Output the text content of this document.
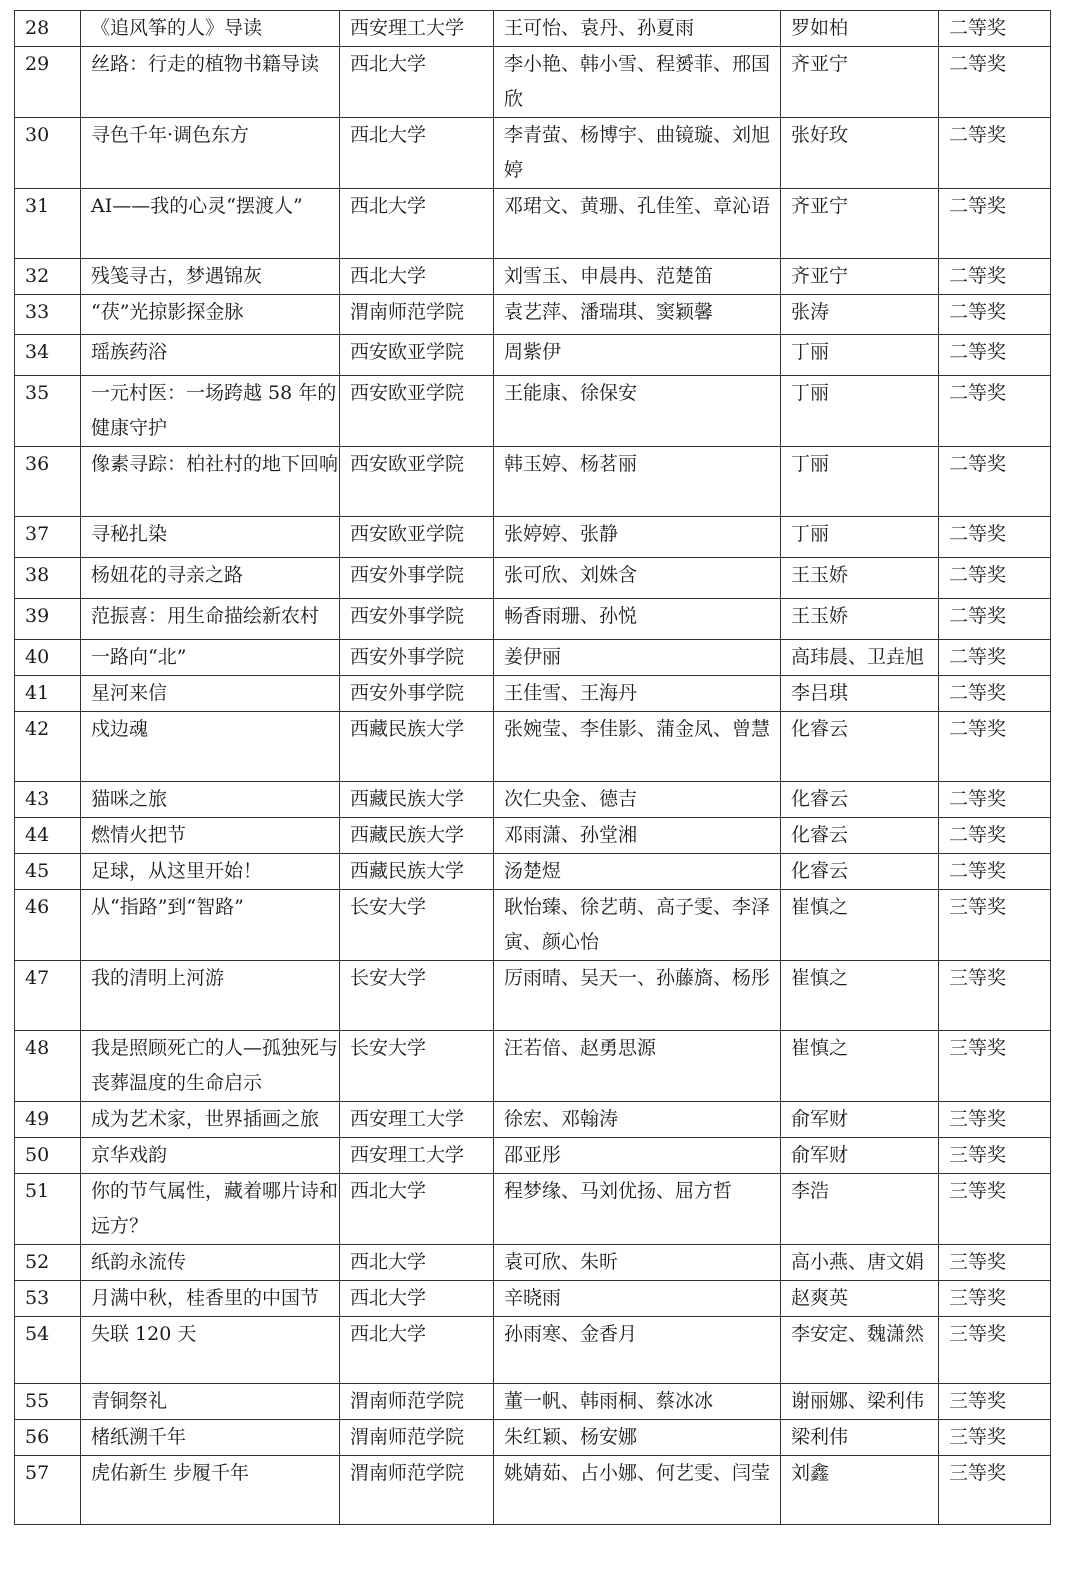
28	《追风筝的人》导读	西安理工大学	王可怡、袁丹、孙夏雨	罗如柏	二等奖
29	丝路：行走的植物书籍导读	西北大学	李小艳、韩小雪、程赟菲、邢国欣	齐亚宁	二等奖
30	寻色千年·调色东方	西北大学	李青萤、杨博宇、曲镜璇、刘旭婷	张好玫	二等奖
31	AI——我的心灵“摆渡人”	西北大学	邓珺文、黄珊、孔佳笙、章沁语	齐亚宁	二等奖
32	残笺寻古，梦遇锦灰	西北大学	刘雪玉、申晨冉、范楚笛	齐亚宁	二等奖
33	“茯”光掠影探金脉	渭南师范学院	袁艺萍、潘瑞琪、窦颖馨	张涛	二等奖
34	瑶族药浴	西安欧亚学院	周紫伊	丁丽	二等奖
35	一元村医：一场跨越 58 年的健康守护	西安欧亚学院	王能康、徐保安	丁丽	二等奖
36	像素寻踪：柏社村的地下回响	西安欧亚学院	韩玉婷、杨茗丽	丁丽	二等奖
37	寻秘扎染	西安欧亚学院	张婷婷、张静	丁丽	二等奖
38	杨妞花的寻亲之路	西安外事学院	张可欣、刘姝含	王玉娇	二等奖
39	范振喜：用生命描绘新农村	西安外事学院	畅香雨珊、孙悦	王玉娇	二等奖
40	一路向“北”	西安外事学院	姜伊丽	高玮晨、卫垚旭	二等奖
41	星河来信	西安外事学院	王佳雪、王海丹	李吕琪	二等奖
42	戍边魂	西藏民族大学	张婉莹、李佳影、蒲金凤、曾慧	化睿云	二等奖
43	猫咪之旅	西藏民族大学	次仁央金、德吉	化睿云	二等奖
44	燃情火把节	西藏民族大学	邓雨潇、孙堂湘	化睿云	二等奖
45	足球，从这里开始！	西藏民族大学	汤楚煜	化睿云	二等奖
46	从“指路”到“智路”	长安大学	耿怡臻、徐艺萌、高子雯、李泽寅、颜心怡	崔慎之	三等奖
47	我的清明上河游	长安大学	厉雨晴、吴天一、孙藤旖、杨彤	崔慎之	三等奖
48	我是照顾死亡的人—孤独死与丧葬温度的生命启示	长安大学	汪若偣、赵勇思源	崔慎之	三等奖
49	成为艺术家，世界插画之旅	西安理工大学	徐宏、邓翰涛	俞军财	三等奖
50	京华戏韵	西安理工大学	邵亚彤	俞军财	三等奖
51	你的节气属性，藏着哪片诗和远方？	西北大学	程梦缘、马刘优扬、屈方哲	李浩	三等奖
52	纸韵永流传	西北大学	袁可欣、朱昕	高小燕、唐文娟	三等奖
53	月满中秋，桂香里的中国节	西北大学	辛晓雨	赵爽英	三等奖
54	失联 120 天	西北大学	孙雨寒、金香月	李安定、魏潇然	三等奖
55	青铜祭礼	渭南师范学院	董一帆、韩雨桐、蔡冰冰	谢丽娜、梁利伟	三等奖
56	楮纸溯千年	渭南师范学院	朱红颖、杨安娜	梁利伟	三等奖
57	虎佑新生 步履千年	渭南师范学院	姚婧茹、占小娜、何艺雯、闫莹	刘鑫	三等奖
